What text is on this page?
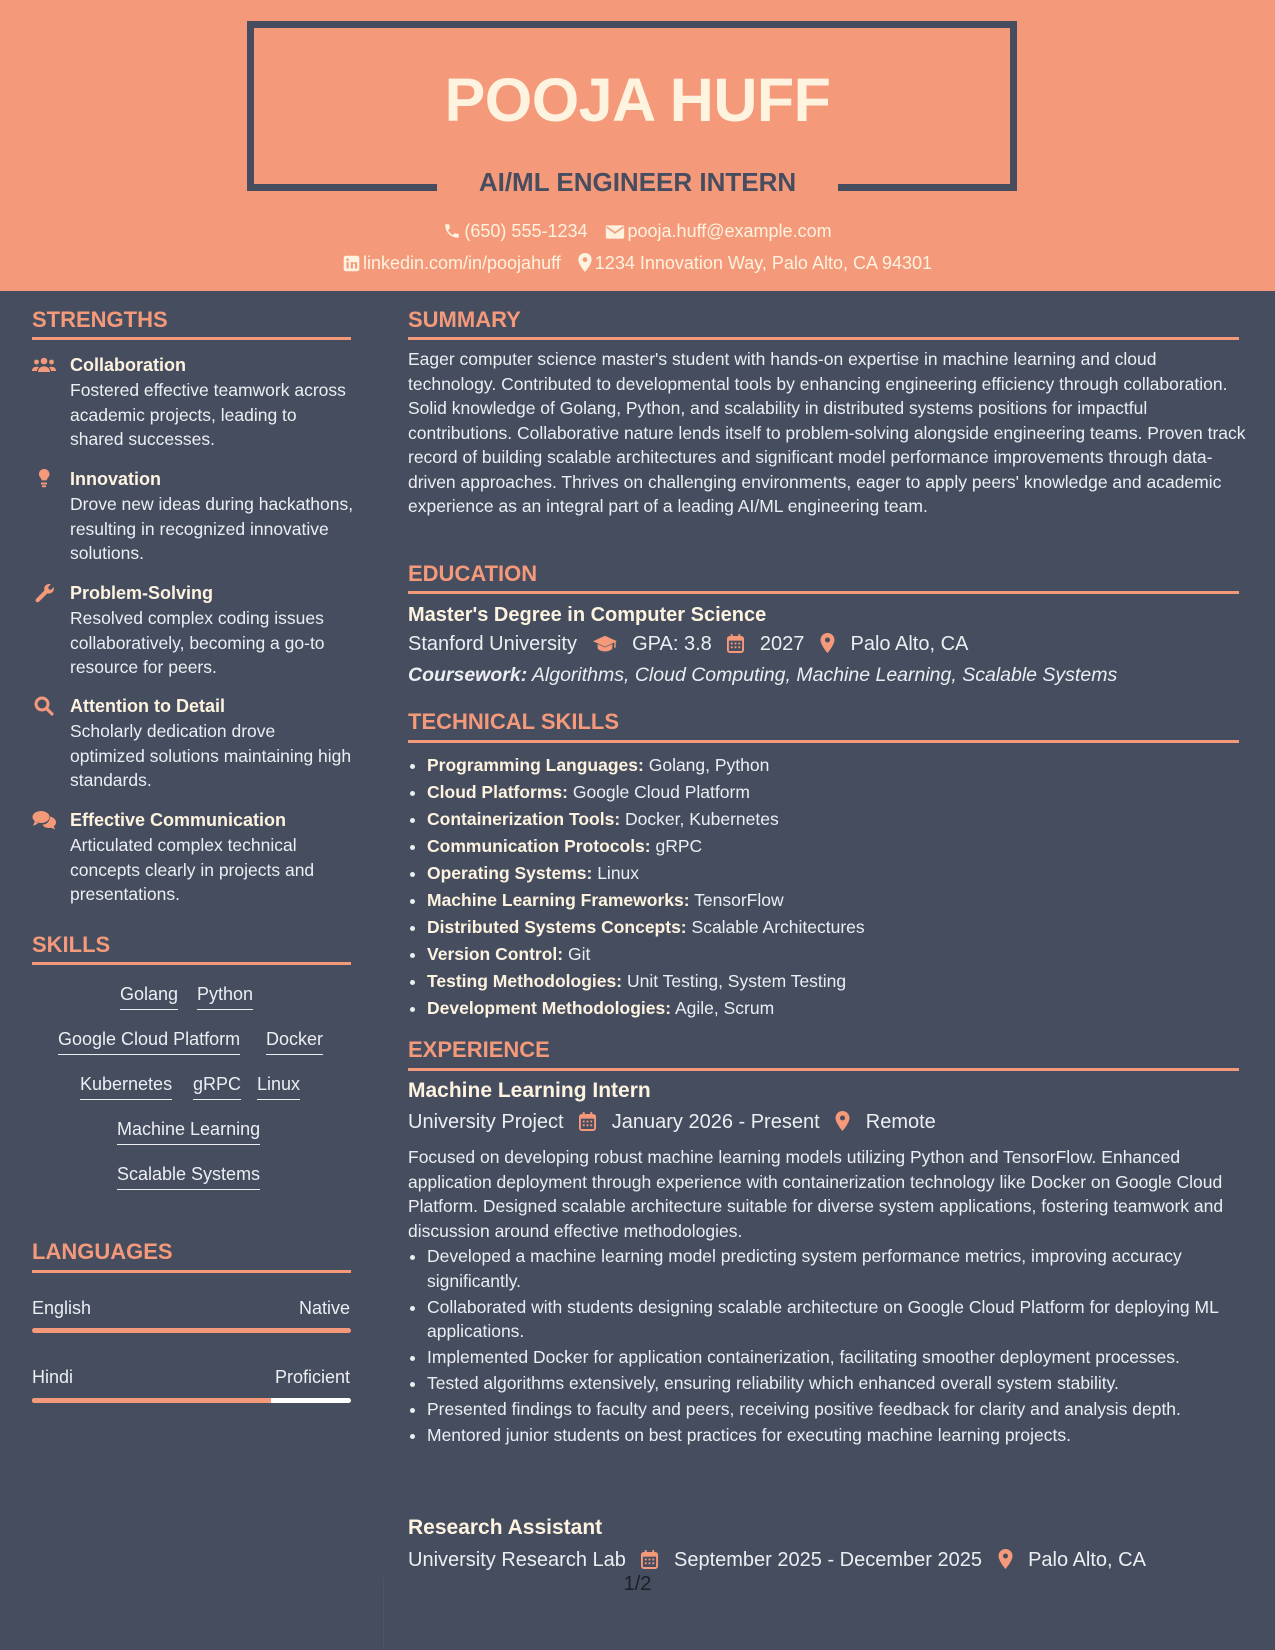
POOJA HUFF
AI/ML ENGINEER INTERN
(650) 555-1234 pooja.huff@example.com
linkedin.com/in/poojahuff 1234 Innovation Way, Palo Alto, CA 94301
STRENGTHS
Collaboration
Fostered effective teamwork across academic projects, leading to shared successes.
Innovation
Drove new ideas during hackathons, resulting in recognized innovative solutions.
Problem-Solving
Resolved complex coding issues collaboratively, becoming a go-to resource for peers.
Attention to Detail
Scholarly dedication drove optimized solutions maintaining high standards.
Effective Communication
Articulated complex technical concepts clearly in projects and presentations.
SKILLS
Golang Python
Google Cloud Platform Docker
Kubernetes gRPC Linux
Machine Learning
Scalable Systems
LANGUAGES
English	Native
Hindi	Proficient
SUMMARY
Eager computer science master's student with hands-on expertise in machine learning and cloud technology. Contributed to developmental tools by enhancing engineering efficiency through collaboration. Solid knowledge of Golang, Python, and scalability in distributed systems positions for impactful contributions. Collaborative nature lends itself to problem-solving alongside engineering teams. Proven track record of building scalable architectures and significant model performance improvements through data-driven approaches. Thrives on challenging environments, eager to apply peers' knowledge and academic experience as an integral part of a leading AI/ML engineering team.
EDUCATION
Master's Degree in Computer Science
Stanford University	GPA: 3.8 2027 Palo Alto, CA
Coursework: Algorithms, Cloud Computing, Machine Learning, Scalable Systems
TECHNICAL SKILLS
• Programming Languages: Golang, Python
• Cloud Platforms: Google Cloud Platform
• Containerization Tools: Docker, Kubernetes
• Communication Protocols: gRPC
• Operating Systems: Linux
• Machine Learning Frameworks: TensorFlow
• Distributed Systems Concepts: Scalable Architectures
• Version Control: Git
• Testing Methodologies: Unit Testing, System Testing
• Development Methodologies: Agile, Scrum
EXPERIENCE
Machine Learning Intern
University Project January 2026 - Present Remote
Focused on developing robust machine learning models utilizing Python and TensorFlow. Enhanced application deployment through experience with containerization technology like Docker on Google Cloud Platform. Designed scalable architecture suitable for diverse system applications, fostering teamwork and discussion around effective methodologies.
• Developed a machine learning model predicting system performance metrics, improving accuracy significantly.
• Collaborated with students designing scalable architecture on Google Cloud Platform for deploying ML applications.
• Implemented Docker for application containerization, facilitating smoother deployment processes.
• Tested algorithms extensively, ensuring reliability which enhanced overall system stability.
• Presented findings to faculty and peers, receiving positive feedback for clarity and analysis depth.
• Mentored junior students on best practices for executing machine learning projects.
Research Assistant
University Research Lab September 2025 - December 2025 Palo Alto, CA
1/2
